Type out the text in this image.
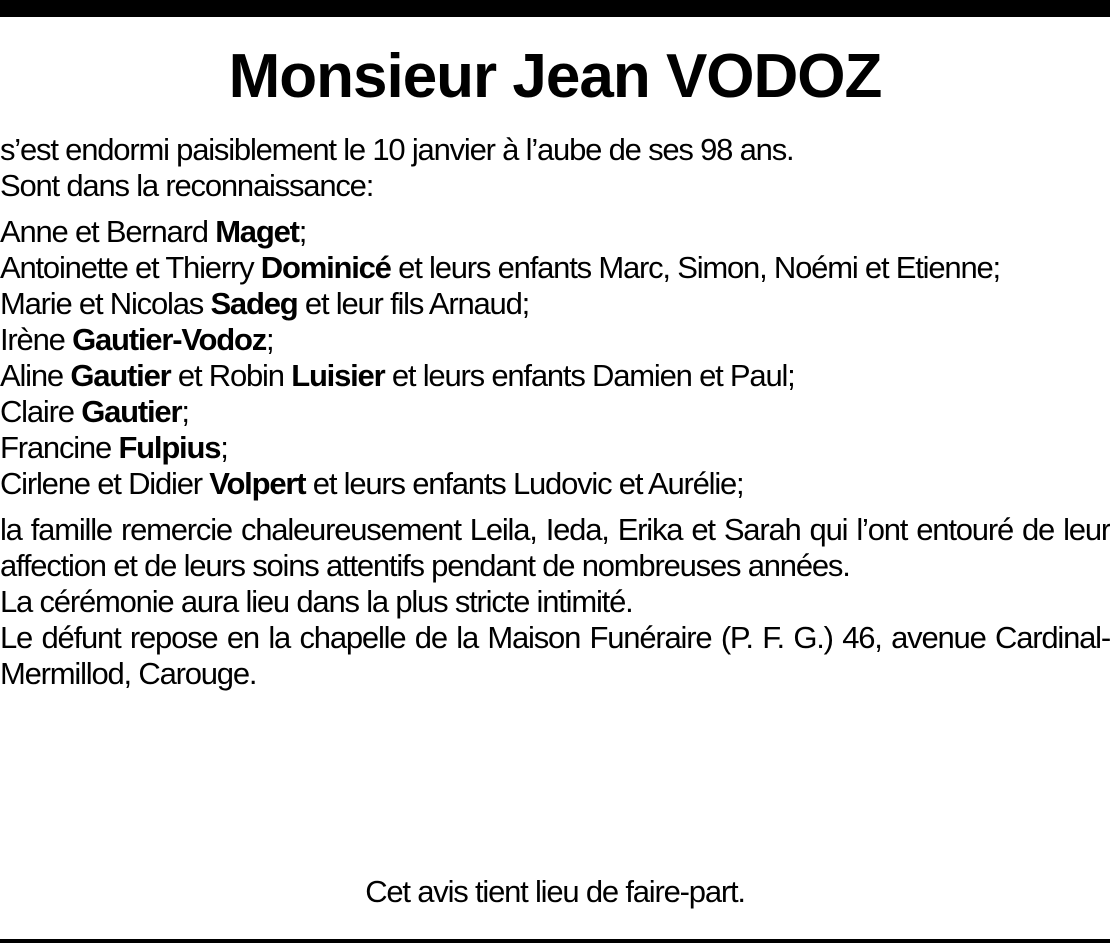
Monsieur Jean VODOZ

s’est endormi paisiblement le 10 janvier à l’aube de ses 98 ans.

Sont dans la reconnaissance:

Anne et Bernard Maget;

Antoinette et Thierry Dominicé et leurs enfants Marc, Simon, Noémi et Etienne;

Marie et Nicolas Sadeg et leur fils Arnaud;

Irène Gautier-Vodoz;

Aline Gautier et Robin Luisier et leurs enfants Damien et Paul;

Claire Gautier;

Francine Fulpius;

Cirlene et Didier Volpert et leurs enfants Ludovic et Aurélie;

la famille remercie chaleureusement Leila, Ieda, Erika et Sarah qui l’ont entouré de leur affection et de leurs soins attentifs pendant de nombreuses années.

La cérémonie aura lieu dans la plus stricte intimité.

Le défunt repose en la chapelle de la Maison Funéraire (P. F. G.) 46, avenue Cardinal-Mermillod, Carouge.

Cet avis tient lieu de faire-part.
